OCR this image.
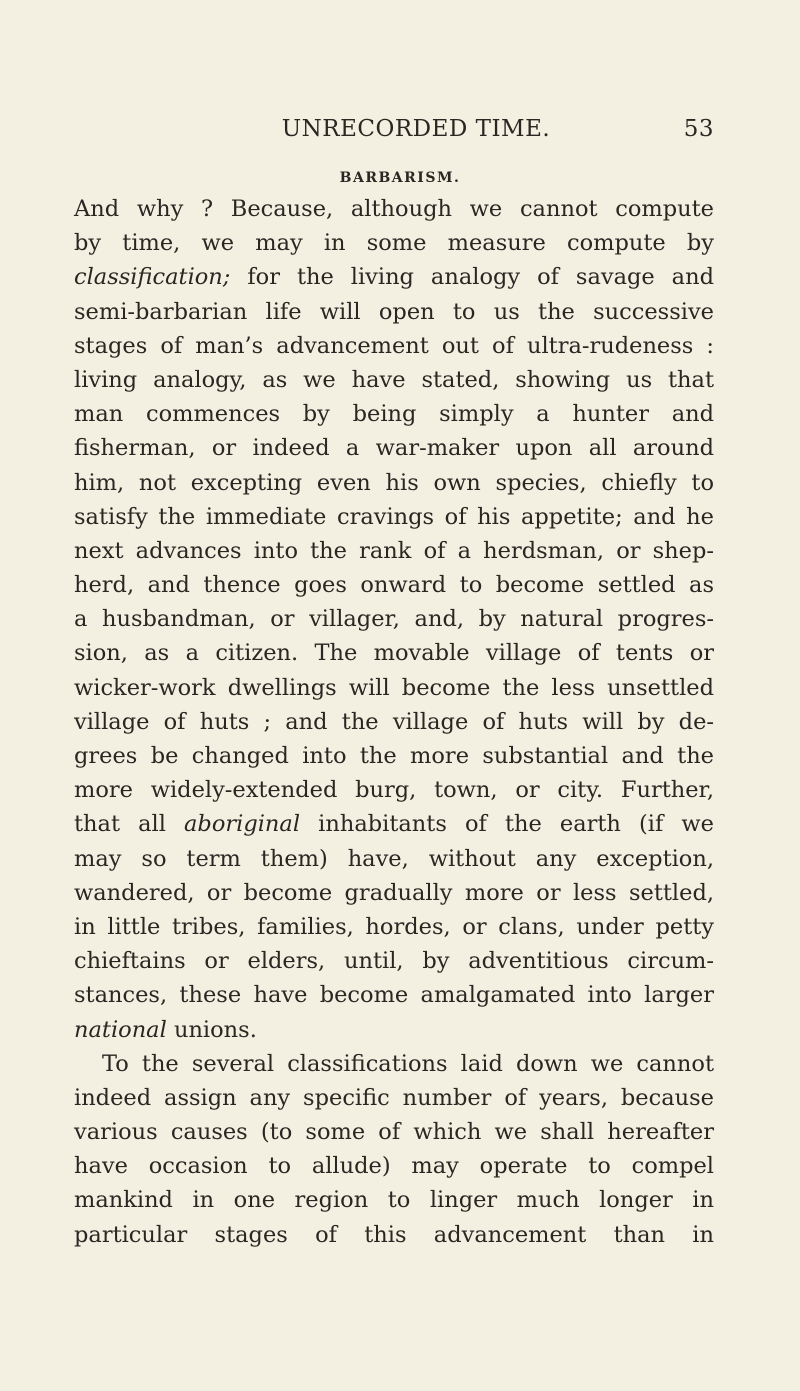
UNRECORDED TIME.	53
BARBARISM.
And why ? Because, although we cannot compute
by time, we may in some measure compute by
classification; for the living analogy of savage and
semi-barbarian life will open to us the successive
stages of man’s advancement out of ultra-rudeness :
living analogy, as we have stated, showing us that
man commences by being simply a hunter and
fisherman, or indeed a war-maker upon all around
him, not excepting even his own species, chiefly to
satisfy the immediate cravings of his appetite; and he
next advances into the rank of a herdsman, or shep-
herd, and thence goes onward to become settled as
a husbandman, or villager, and, by natural progres-
sion, as a citizen. The movable village of tents or
wicker-work dwellings will become the less unsettled
village of huts ; and the village of huts will by de-
grees be changed into the more substantial and the
more widely-extended burg, town, or city. Further,
that all aboriginal inhabitants of the earth (if we
may so term them) have, without any exception,
wandered, or become gradually more or less settled,
in little tribes, families, hordes, or clans, under petty
chieftains or elders, until, by adventitious circum-
stances, these have become amalgamated into larger
national unions.
To the several classifications laid down we cannot
indeed assign any specific number of years, because
various causes (to some of which we shall hereafter
have occasion to allude) may operate to compel
mankind in one region to linger much longer in
particular stages of this advancement than in
